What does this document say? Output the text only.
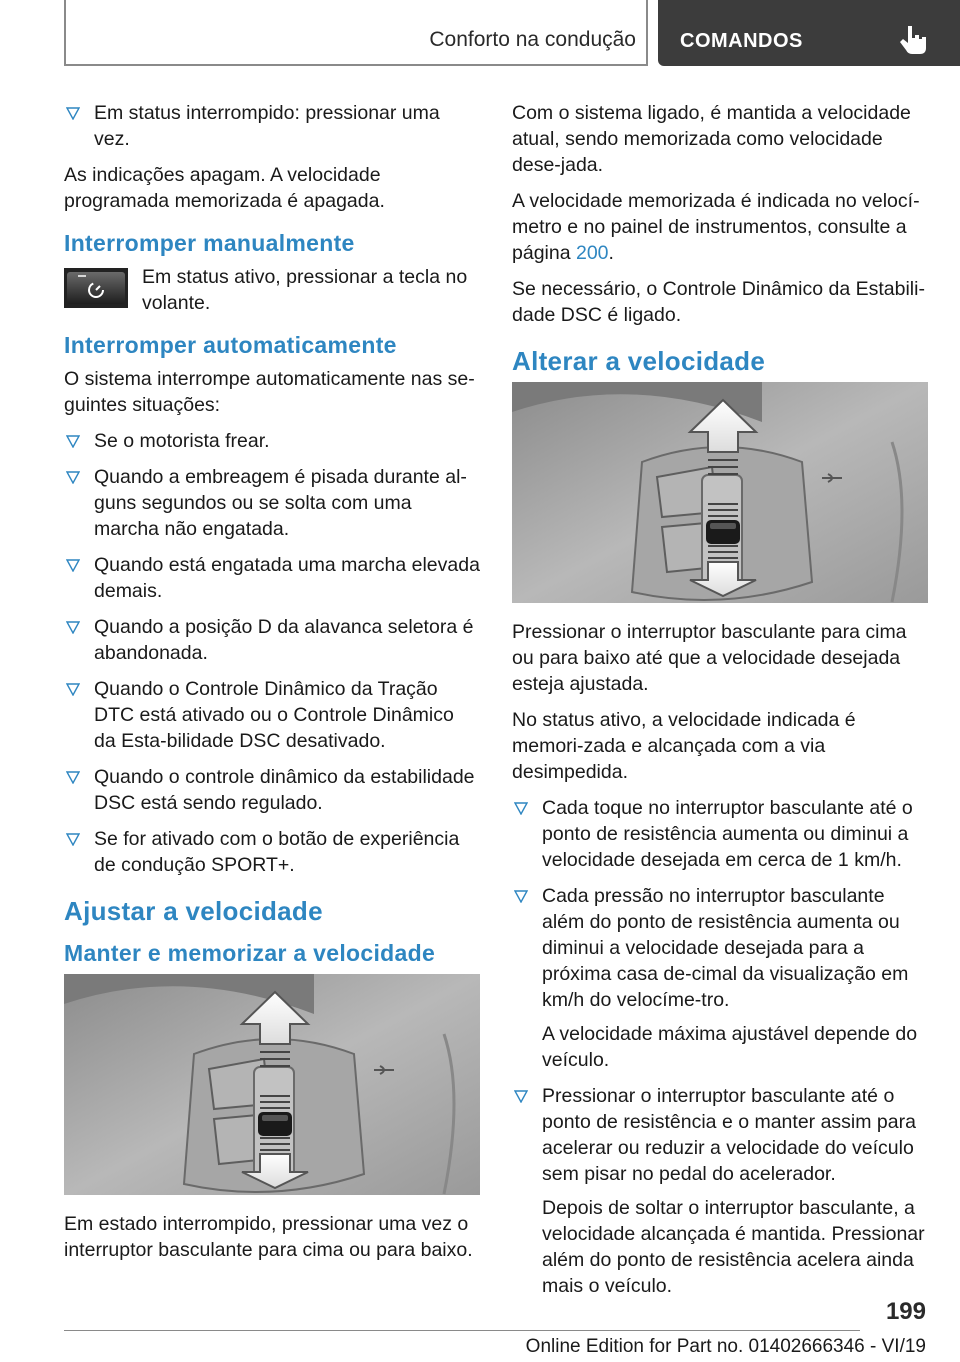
Conforto na condução COMANDOS
Em status interrompido: pressionar uma vez.

As indicações apagam. A velocidade programada memorizada é apagada.

Interromper manualmente
Em status ativo, pressionar a tecla no volante.
Interromper automaticamente

O sistema interrompe automaticamente nas se‐guintes situações:

Se o motorista frear.
Quando a embreagem é pisada durante al‐guns segundos ou se solta com uma marcha não engatada.
Quando está engatada uma marcha elevada demais.
Quando a posição D da alavanca seletora é abandonada.
Quando o Controle Dinâmico da Tração DTC está ativado ou o Controle Dinâmico da Esta‐bilidade DSC desativado.
Quando o controle dinâmico da estabilidade DSC está sendo regulado.
Se for ativado com o botão de experiência de condução SPORT+.
Ajustar a velocidade
Manter e memorizar a velocidade

Em estado interrompido, pressionar uma vez o interruptor basculante para cima ou para baixo.

Com o sistema ligado, é mantida a velocidade atual, sendo memorizada como velocidade dese‐jada.

A velocidade memorizada é indicada no velocí‐metro e no painel de instrumentos, consulte a página 200.

Se necessário, o Controle Dinâmico da Estabili‐dade DSC é ligado.

Alterar a velocidade

Pressionar o interruptor basculante para cima ou para baixo até que a velocidade desejada esteja ajustada.

No status ativo, a velocidade indicada é memori‐zada e alcançada com a via desimpedida.

Cada toque no interruptor basculante até o ponto de resistência aumenta ou diminui a velocidade desejada em cerca de 1 km/h.
Cada pressão no interruptor basculante além do ponto de resistência aumenta ou diminui a velocidade desejada para a próxima casa de‐cimal da visualização em km/h do velocíme‐tro.

A velocidade máxima ajustável depende do veículo.

Pressionar o interruptor basculante até o ponto de resistência e o manter assim para acelerar ou reduzir a velocidade do veículo sem pisar no pedal do acelerador.

Depois de soltar o interruptor basculante, a velocidade alcançada é mantida. Pressionar além do ponto de resistência acelera ainda mais o veículo.

199
Online Edition for Part no. 01402666346 - VI/19
